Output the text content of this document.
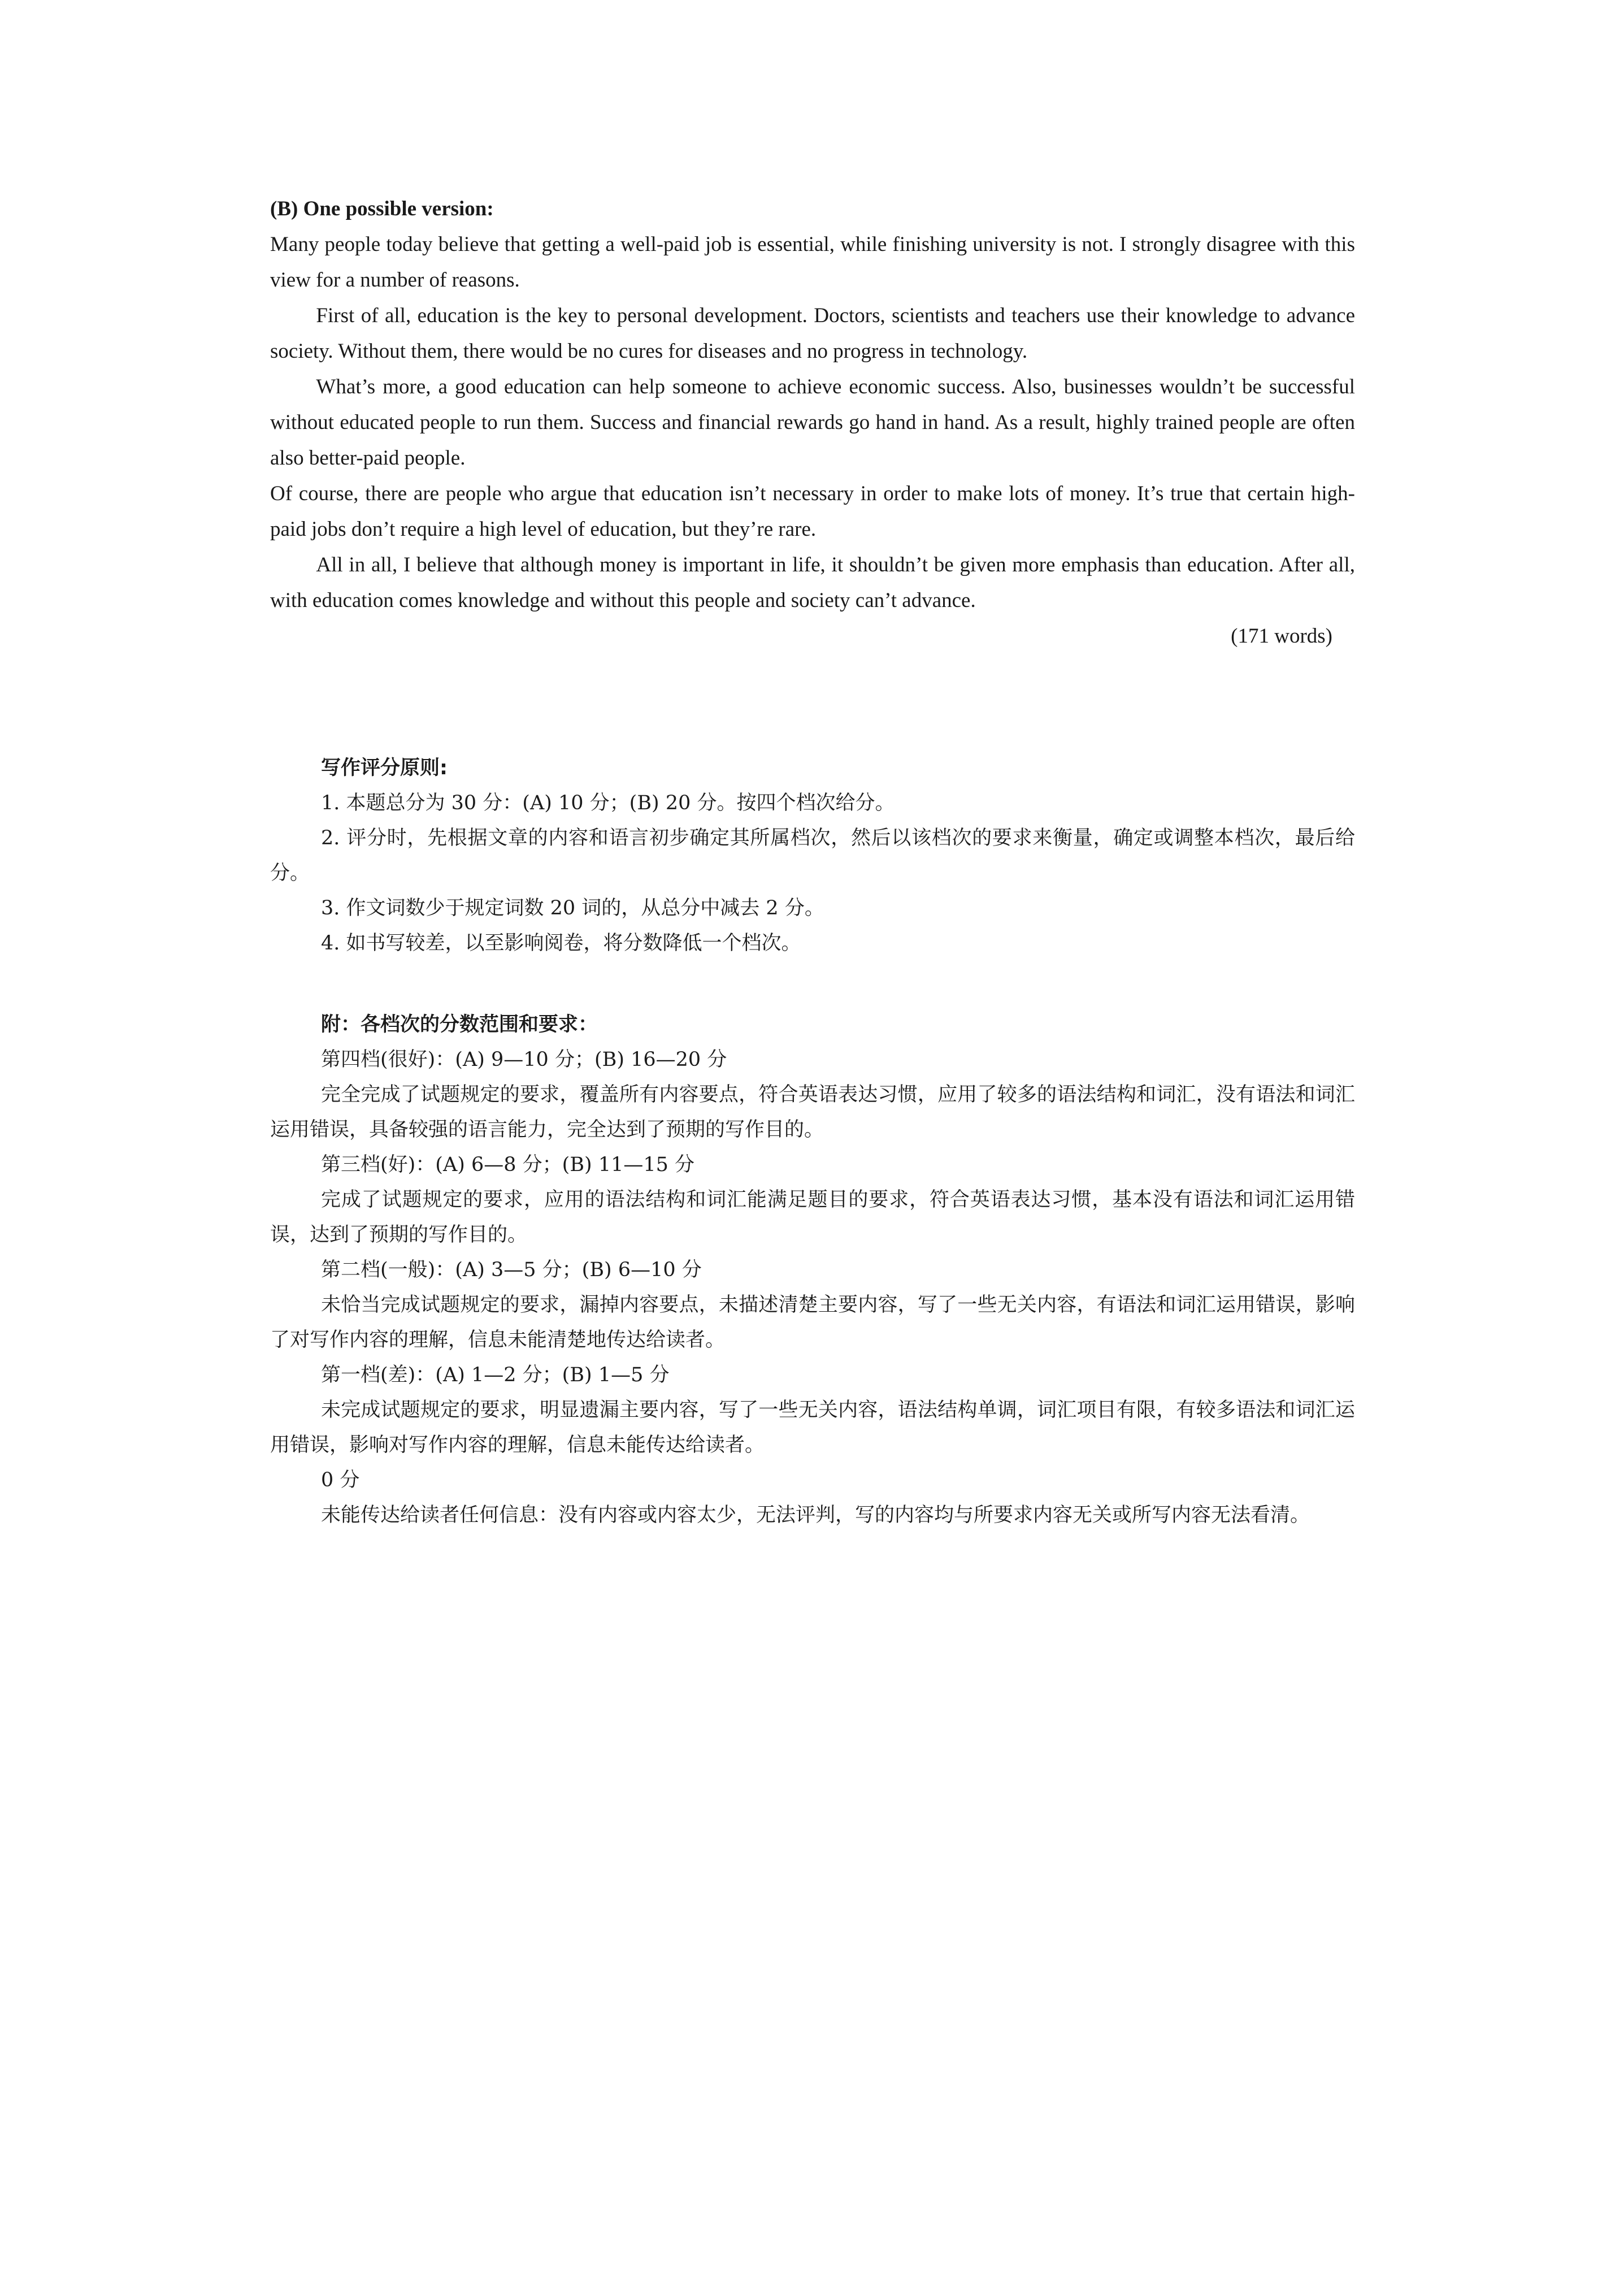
(B) One possible version:

Many people today believe that getting a well-paid job is essential, while finishing university is not. I strongly disagree with this view for a number of reasons.

First of all, education is the key to personal development. Doctors, scientists and teachers use their knowledge to advance society. Without them, there would be no cures for diseases and no progress in technology.

What’s more, a good education can help someone to achieve economic success. Also, businesses wouldn’t be successful without educated people to run them. Success and financial rewards go hand in hand. As a result, highly trained people are often also better-paid people.

Of course, there are people who argue that education isn’t necessary in order to make lots of money. It’s true that certain high-paid jobs don’t require a high level of education, but they’re rare.

All in all, I believe that although money is important in life, it shouldn’t be given more emphasis than education. After all, with education comes knowledge and without this people and society can’t advance.

(171 words)

写作评分原则:

1. 本题总分为 30 分：(A) 10 分；(B) 20 分。按四个档次给分。

2. 评分时，先根据文章的内容和语言初步确定其所属档次，然后以该档次的要求来衡量，确定或调整本档次，最后给分。

3. 作文词数少于规定词数 20 词的，从总分中减去 2 分。

4. 如书写较差，以至影响阅卷，将分数降低一个档次。

附：各档次的分数范围和要求：

第四档(很好)：(A) 9—10 分；(B) 16—20 分

完全完成了试题规定的要求，覆盖所有内容要点，符合英语表达习惯，应用了较多的语法结构和词汇，没有语法和词汇运用错误，具备较强的语言能力，完全达到了预期的写作目的。

第三档(好)：(A) 6—8 分；(B) 11—15 分

完成了试题规定的要求，应用的语法结构和词汇能满足题目的要求，符合英语表达习惯，基本没有语法和词汇运用错误，达到了预期的写作目的。

第二档(一般)：(A) 3—5 分；(B) 6—10 分

未恰当完成试题规定的要求，漏掉内容要点，未描述清楚主要内容，写了一些无关内容，有语法和词汇运用错误，影响了对写作内容的理解，信息未能清楚地传达给读者。

第一档(差)：(A) 1—2 分；(B) 1—5 分

未完成试题规定的要求，明显遗漏主要内容，写了一些无关内容，语法结构单调，词汇项目有限，有较多语法和词汇运用错误，影响对写作内容的理解，信息未能传达给读者。

0 分

未能传达给读者任何信息：没有内容或内容太少，无法评判，写的内容均与所要求内容无关或所写内容无法看清。
